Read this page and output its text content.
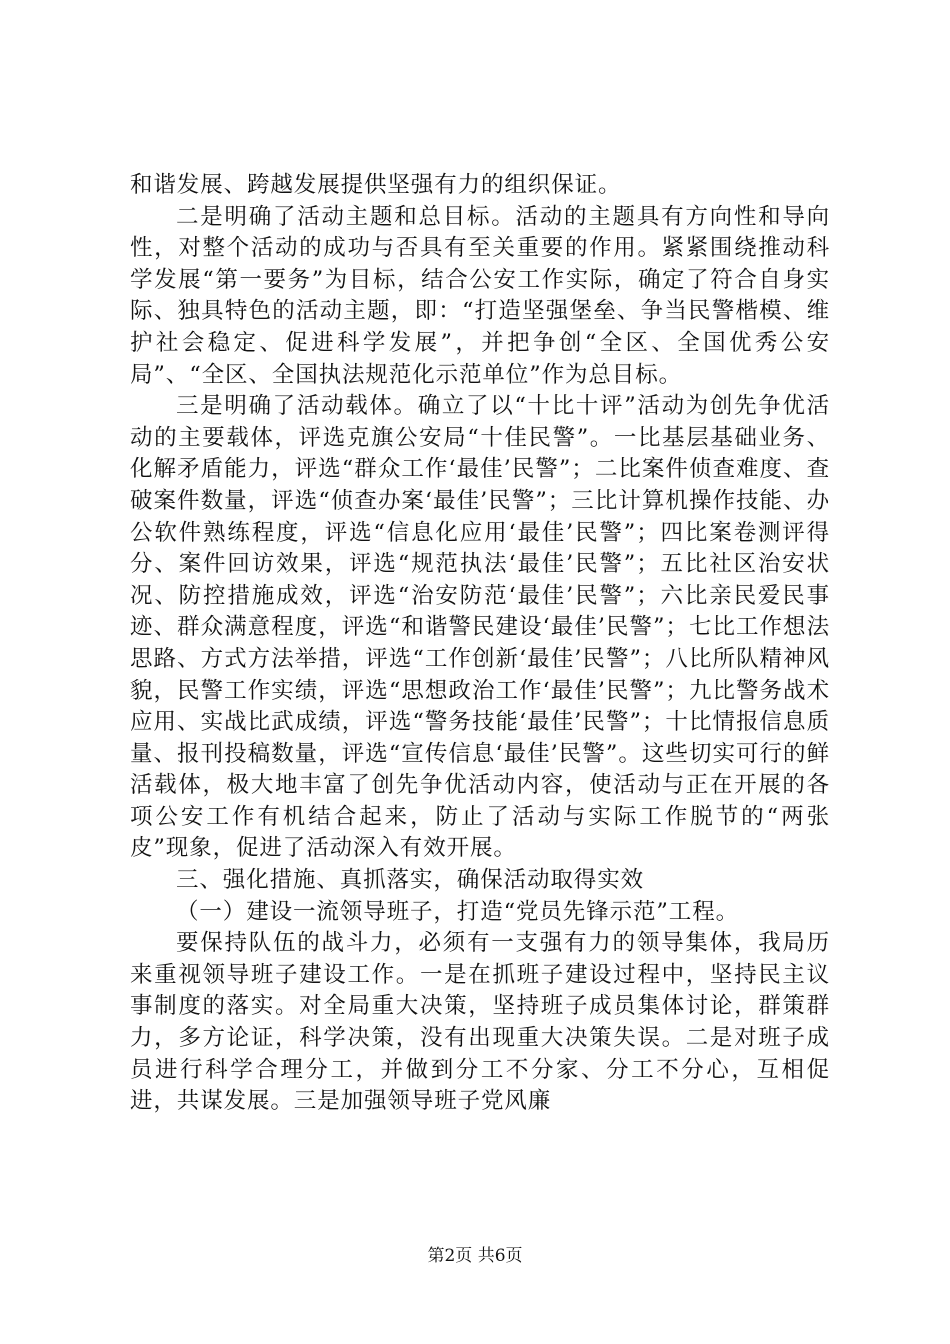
和谐发展、跨越发展提供坚强有力的组织保证。

二是明确了活动主题和总目标。活动的主题具有方向性和导向性，对整个活动的成功与否具有至关重要的作用。紧紧围绕推动科学发展“第一要务”为目标，结合公安工作实际，确定了符合自身实际、独具特色的活动主题，即：“打造坚强堡垒、争当民警楷模、维护社会稳定、促进科学发展”，并把争创“全区、全国优秀公安局”、“全区、全国执法规范化示范单位”作为总目标。

三是明确了活动载体。确立了以“十比十评”活动为创先争优活动的主要载体，评选克旗公安局“十佳民警”。一比基层基础业务、化解矛盾能力，评选“群众工作‘最佳’民警”；二比案件侦查难度、查破案件数量，评选“侦查办案‘最佳’民警”；三比计算机操作技能、办公软件熟练程度，评选“信息化应用‘最佳’民警”；四比案卷测评得分、案件回访效果，评选“规范执法‘最佳’民警”；五比社区治安状况、防控措施成效，评选“治安防范‘最佳’民警”；六比亲民爱民事迹、群众满意程度，评选“和谐警民建设‘最佳’民警”；七比工作想法思路、方式方法举措，评选“工作创新‘最佳’民警”；八比所队精神风貌，民警工作实绩，评选“思想政治工作‘最佳’民警”；九比警务战术应用、实战比武成绩，评选“警务技能‘最佳’民警”；十比情报信息质量、报刊投稿数量，评选“宣传信息‘最佳’民警”。这些切实可行的鲜活载体，极大地丰富了创先争优活动内容，使活动与正在开展的各项公安工作有机结合起来，防止了活动与实际工作脱节的“两张皮”现象，促进了活动深入有效开展。

三、强化措施、真抓落实，确保活动取得实效

（一）建设一流领导班子，打造“党员先锋示范”工程。

要保持队伍的战斗力，必须有一支强有力的领导集体，我局历来重视领导班子建设工作。一是在抓班子建设过程中，坚持民主议事制度的落实。对全局重大决策，坚持班子成员集体讨论，群策群力，多方论证，科学决策，没有出现重大决策失误。二是对班子成员进行科学合理分工，并做到分工不分家、分工不分心，互相促进，共谋发展。三是加强领导班子党风廉

第2页 共6页
